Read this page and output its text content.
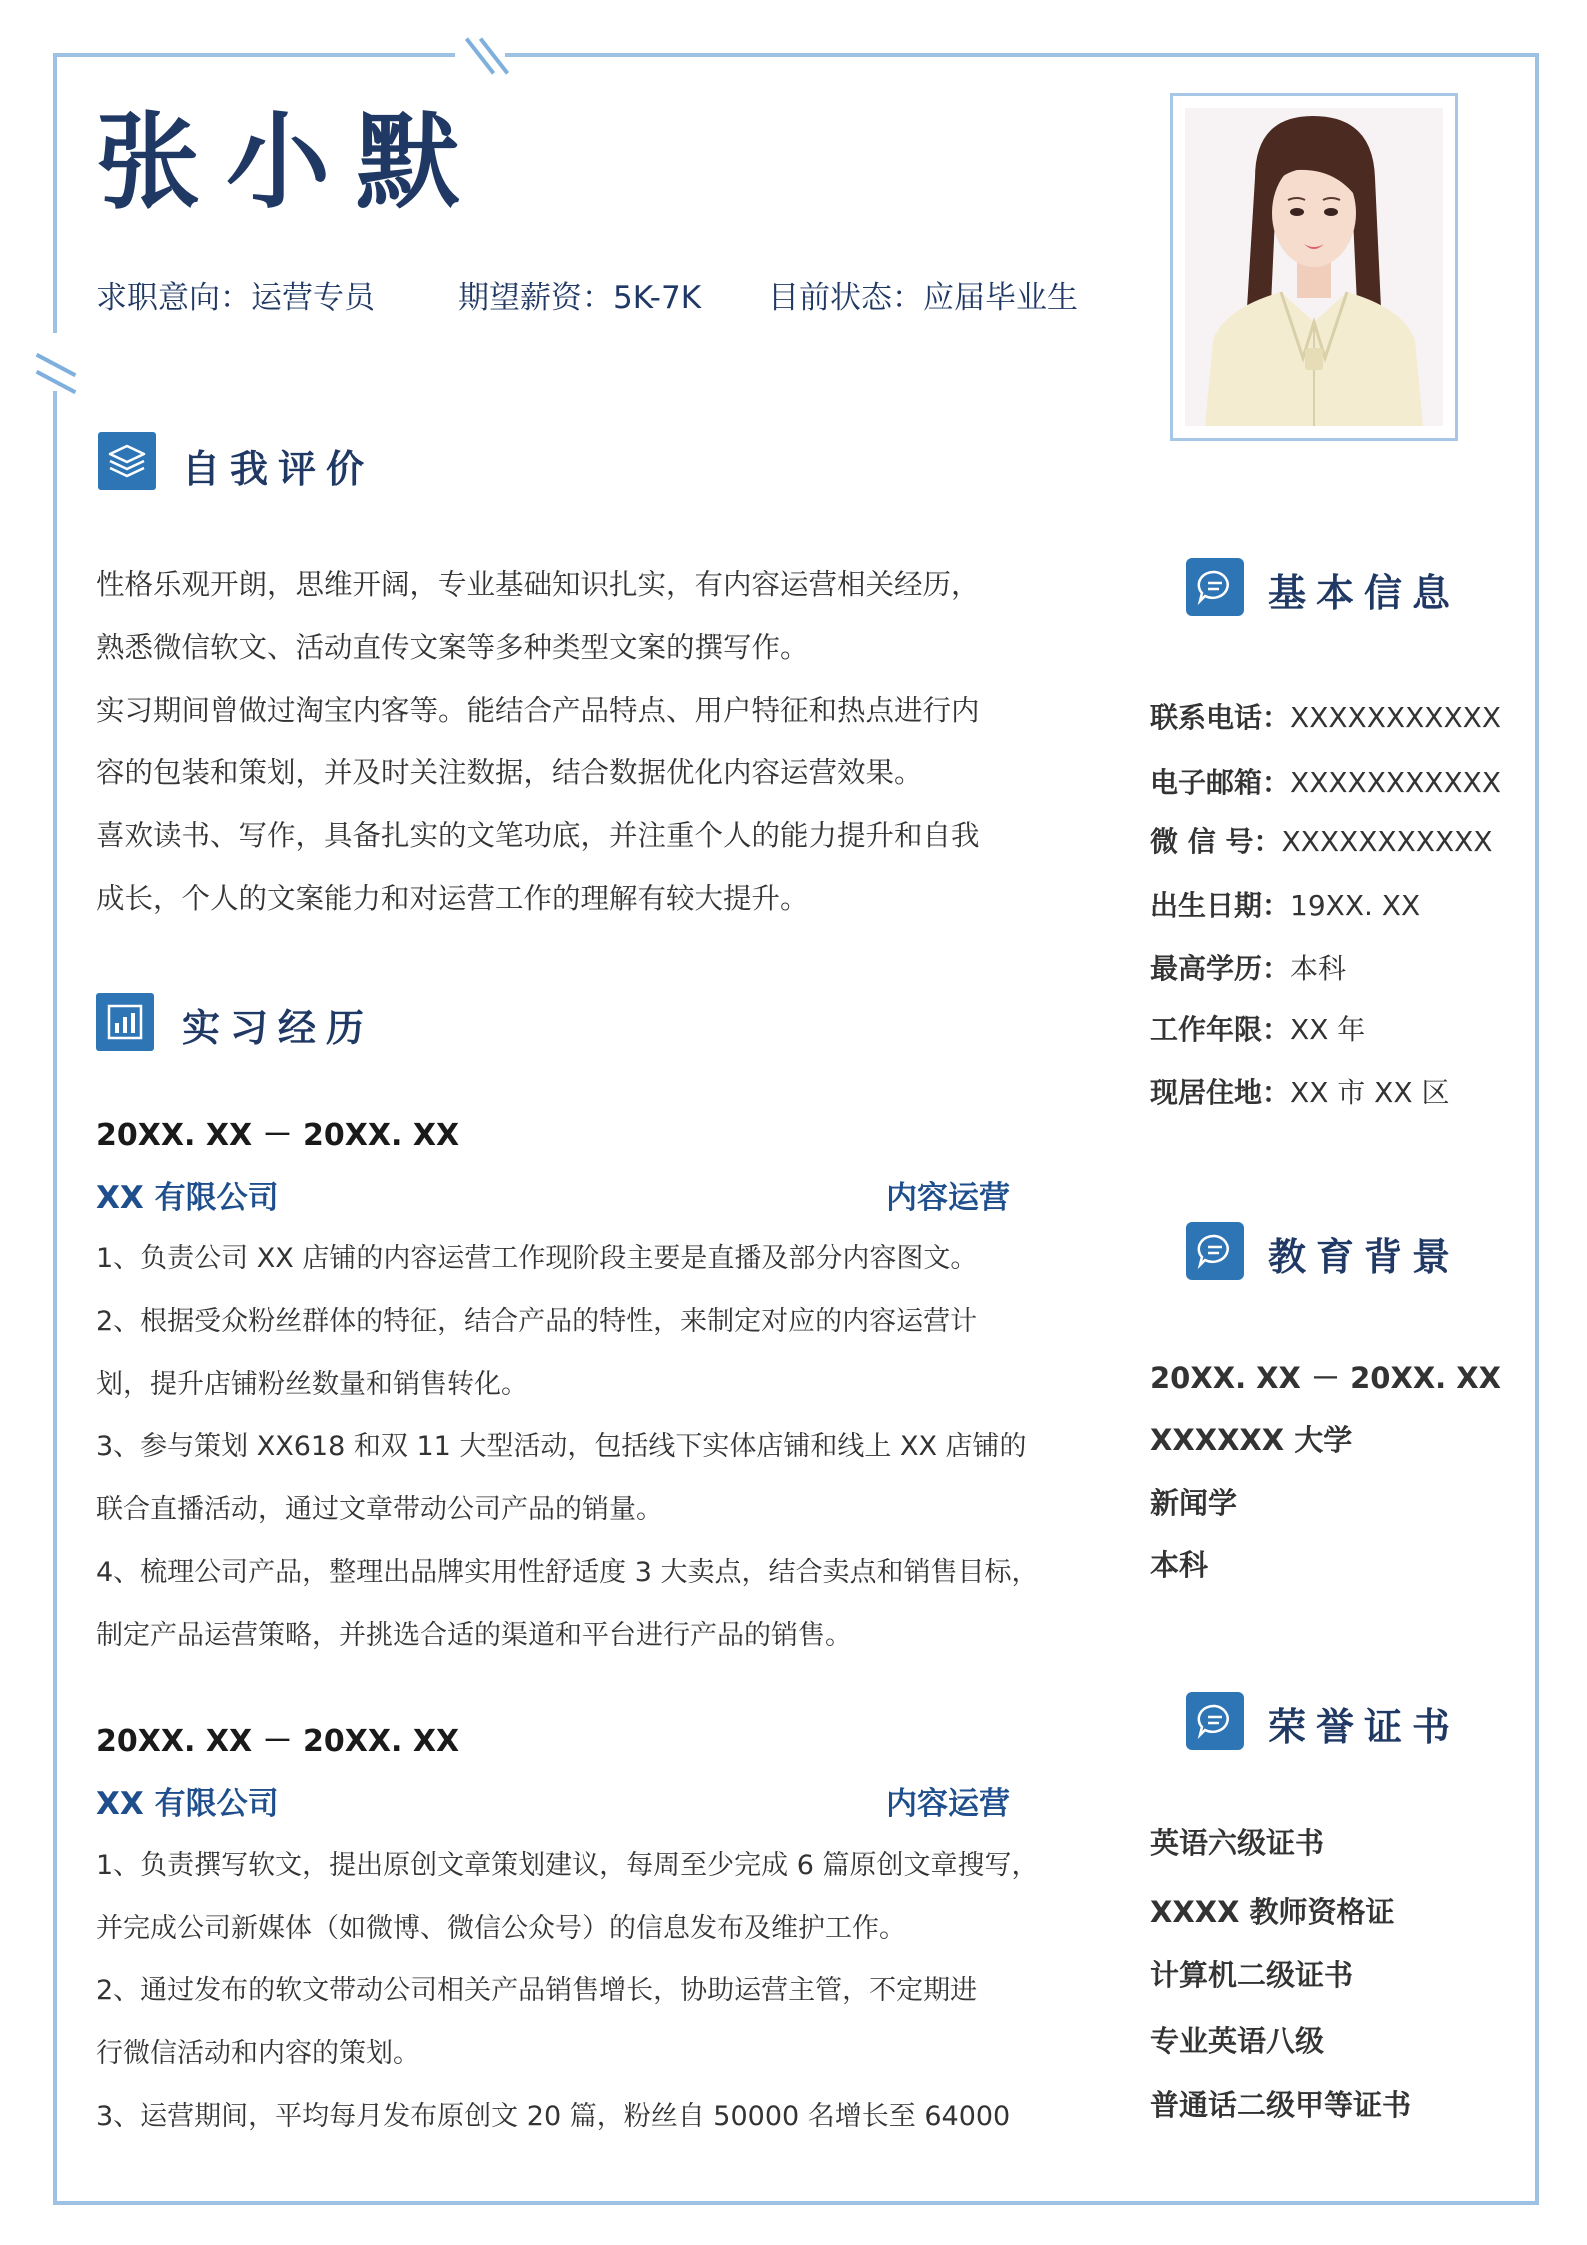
张小默
求职意向：运营专员	期望薪资：5K-7K 目前状态：应届毕业生
自我评价

性格乐观开朗，思维开阔，专业基础知识扎实，有内容运营相关经历，

熟悉微信软文、活动直传文案等多种类型文案的撰写作。

实习期间曾做过淘宝内客等。能结合产品特点、用户特征和热点进行内

容的包装和策划，并及时关注数据，结合数据优化内容运营效果。

喜欢读书、写作，具备扎实的文笔功底，并注重个人的能力提升和自我

成长，个人的文案能力和对运营工作的理解有较大提升。

实习经历
20XX. XX － 20XX. XX
XX 有限公司	内容运营

1、负责公司 XX 店铺的内容运营工作现阶段主要是直播及部分内容图文。

2、根据受众粉丝群体的特征，结合产品的特性，来制定对应的内容运营计

划，提升店铺粉丝数量和销售转化。

3、参与策划 XX618 和双 11 大型活动，包括线下实体店铺和线上 XX 店铺的

联合直播活动，通过文章带动公司产品的销量。

4、梳理公司产品，整理出品牌实用性舒适度 3 大卖点，结合卖点和销售目标，

制定产品运营策略，并挑选合适的渠道和平台进行产品的销售。

20XX. XX － 20XX. XX
XX 有限公司	内容运营

1、负责撰写软文，提出原创文章策划建议，每周至少完成 6 篇原创文章搜写，

并完成公司新媒体（如微博、微信公众号）的信息发布及维护工作。

2、通过发布的软文带动公司相关产品销售增长，协助运营主管，不定期进

行微信活动和内容的策划。

3、运营期间，平均每月发布原创文 20 篇，粉丝自 50000 名增长至 64000

基本信息
联系电话：XXXXXXXXXXX
电子邮箱：XXXXXXXXXXX
微 信 号：XXXXXXXXXXX
出生日期：19XX. XX
最高学历：本科
工作年限：XX 年
现居住地：XX 市 XX 区
教育背景
20XX. XX － 20XX. XX
XXXXXX 大学
新闻学
本科
荣誉证书
英语六级证书
XXXX 教师资格证
计算机二级证书
专业英语八级
普通话二级甲等证书
